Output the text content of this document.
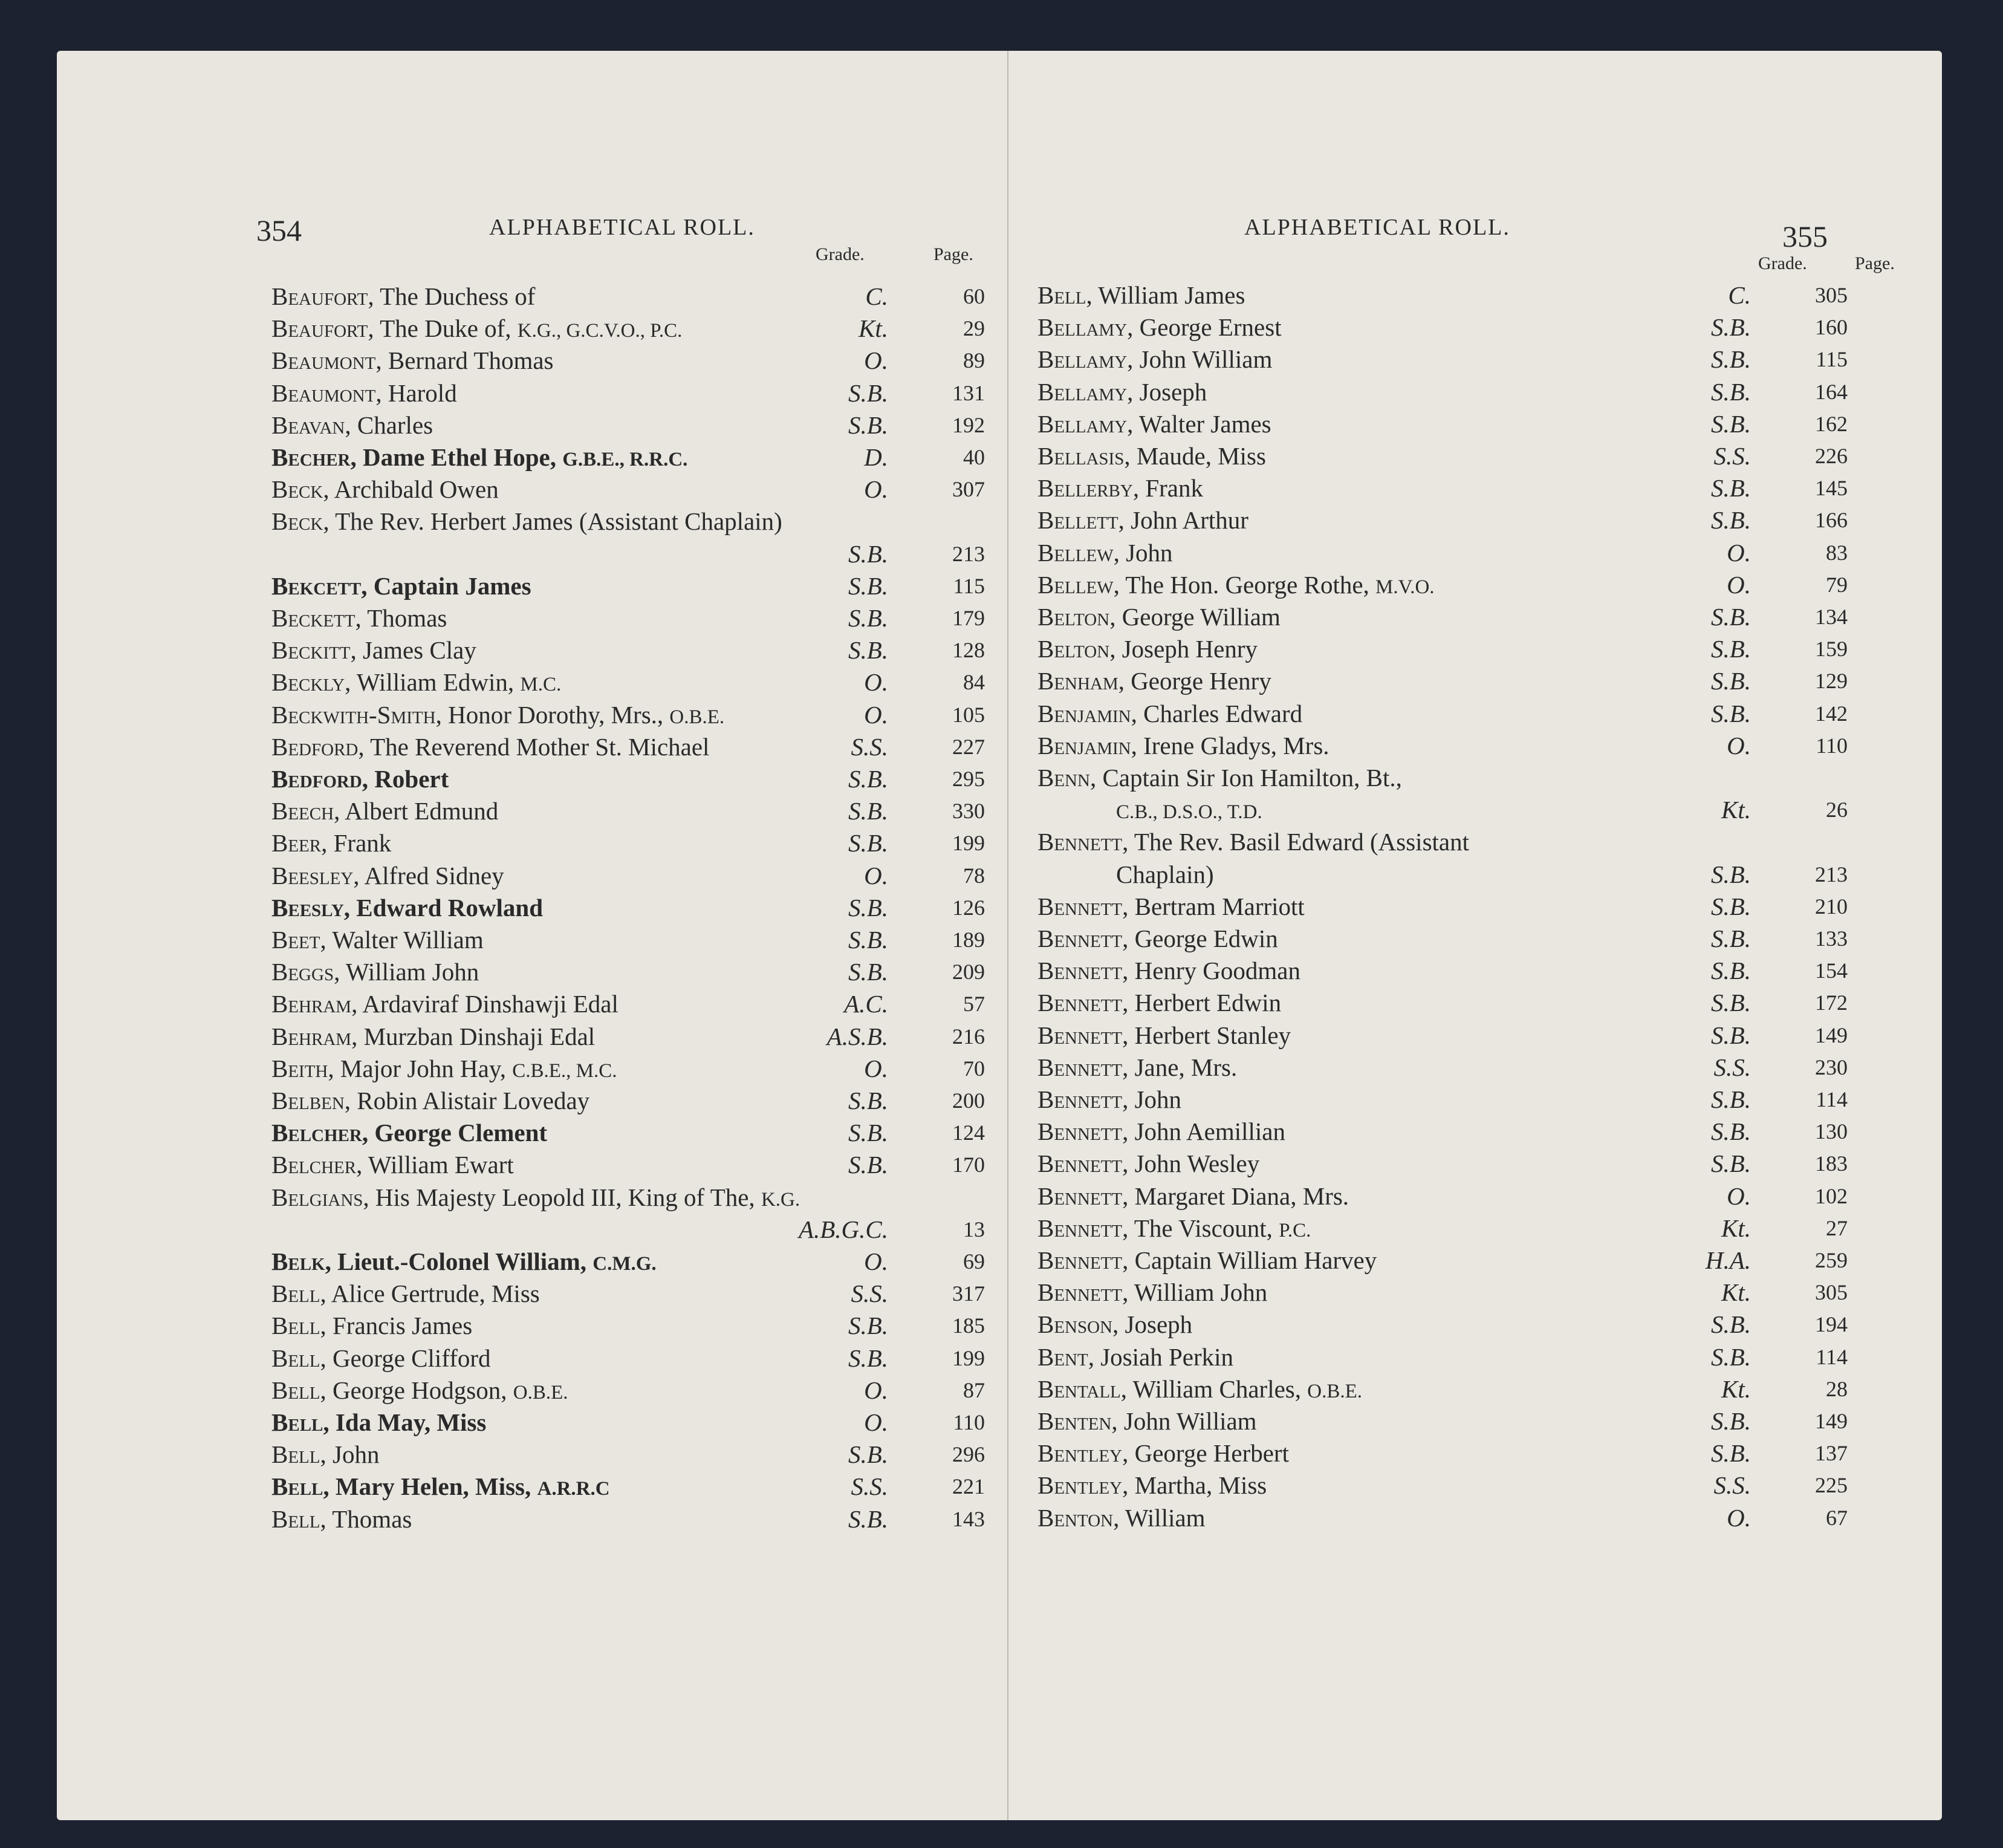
354	ALPHABETICAL ROLL.
Grade.	Page.
Beaufort, The Duchess of	C.	60
Beaufort, The Duke of, K.G., G.C.V.O., P.C.	Kt.	29
Beaumont, Bernard Thomas	O.	89
Beaumont, Harold	S.B.	131
Beavan, Charles	S.B.	192
Becher, Dame Ethel Hope, G.B.E., R.R.C.	D.	40
Beck, Archibald Owen	O.	307
Beck, The Rev. Herbert James (Assistant Chaplain)
S.B.	213
Bekcett, Captain James	S.B.	115
Beckett, Thomas	S.B.	179
Beckitt, James Clay	S.B.	128
Beckly, William Edwin, M.C.	O.	84
Beckwith-Smith, Honor Dorothy, Mrs., O.B.E.	O.	105
Bedford, The Reverend Mother St. Michael	S.S.	227
Bedford, Robert	S.B.	295
Beech, Albert Edmund	S.B.	330
Beer, Frank	S.B.	199
Beesley, Alfred Sidney	O.	78
Beesly, Edward Rowland	S.B.	126
Beet, Walter William	S.B.	189
Beggs, William John	S.B.	209
Behram, Ardaviraf Dinshawji Edal	A.C.	57
Behram, Murzban Dinshaji Edal	A.S.B.	216
Beith, Major John Hay, C.B.E., M.C.	O.	70
Belben, Robin Alistair Loveday	S.B.	200
Belcher, George Clement	S.B.	124
Belcher, William Ewart	S.B.	170
Belgians, His Majesty Leopold III, King of The, K.G.
A.B.G.C.	13
Belk, Lieut.-Colonel William, C.M.G.	O.	69
Bell, Alice Gertrude, Miss	S.S.	317
Bell, Francis James	S.B.	185
Bell, George Clifford	S.B.	199
Bell, George Hodgson, O.B.E.	O.	87
Bell, Ida May, Miss	O.	110
Bell, John	S.B.	296
Bell, Mary Helen, Miss, A.R.R.C	S.S.	221
Bell, Thomas	S.B.	143
ALPHABETICAL ROLL.	355
Grade.	Page.
Bell, William James	C.	305
Bellamy, George Ernest	S.B.	160
Bellamy, John William	S.B.	115
Bellamy, Joseph	S.B.	164
Bellamy, Walter James	S.B.	162
Bellasis, Maude, Miss	S.S.	226
Bellerby, Frank	S.B.	145
Bellett, John Arthur	S.B.	166
Bellew, John	O.	83
Bellew, The Hon. George Rothe, M.V.O.	O.	79
Belton, George William	S.B.	134
Belton, Joseph Henry	S.B.	159
Benham, George Henry	S.B.	129
Benjamin, Charles Edward	S.B.	142
Benjamin, Irene Gladys, Mrs.	O.	110
Benn, Captain Sir Ion Hamilton, Bt.,
C.B., D.S.O., T.D.	Kt.	26
Bennett, The Rev. Basil Edward (Assistant
Chaplain)	S.B.	213
Bennett, Bertram Marriott	S.B.	210
Bennett, George Edwin	S.B.	133
Bennett, Henry Goodman	S.B.	154
Bennett, Herbert Edwin	S.B.	172
Bennett, Herbert Stanley	S.B.	149
Bennett, Jane, Mrs.	S.S.	230
Bennett, John	S.B.	114
Bennett, John Aemillian	S.B.	130
Bennett, John Wesley	S.B.	183
Bennett, Margaret Diana, Mrs.	O.	102
Bennett, The Viscount, P.C.	Kt.	27
Bennett, Captain William Harvey	H.A.	259
Bennett, William John	Kt.	305
Benson, Joseph	S.B.	194
Bent, Josiah Perkin	S.B.	114
Bentall, William Charles, O.B.E.	Kt.	28
Benten, John William	S.B.	149
Bentley, George Herbert	S.B.	137
Bentley, Martha, Miss	S.S.	225
Benton, William	O.	67
